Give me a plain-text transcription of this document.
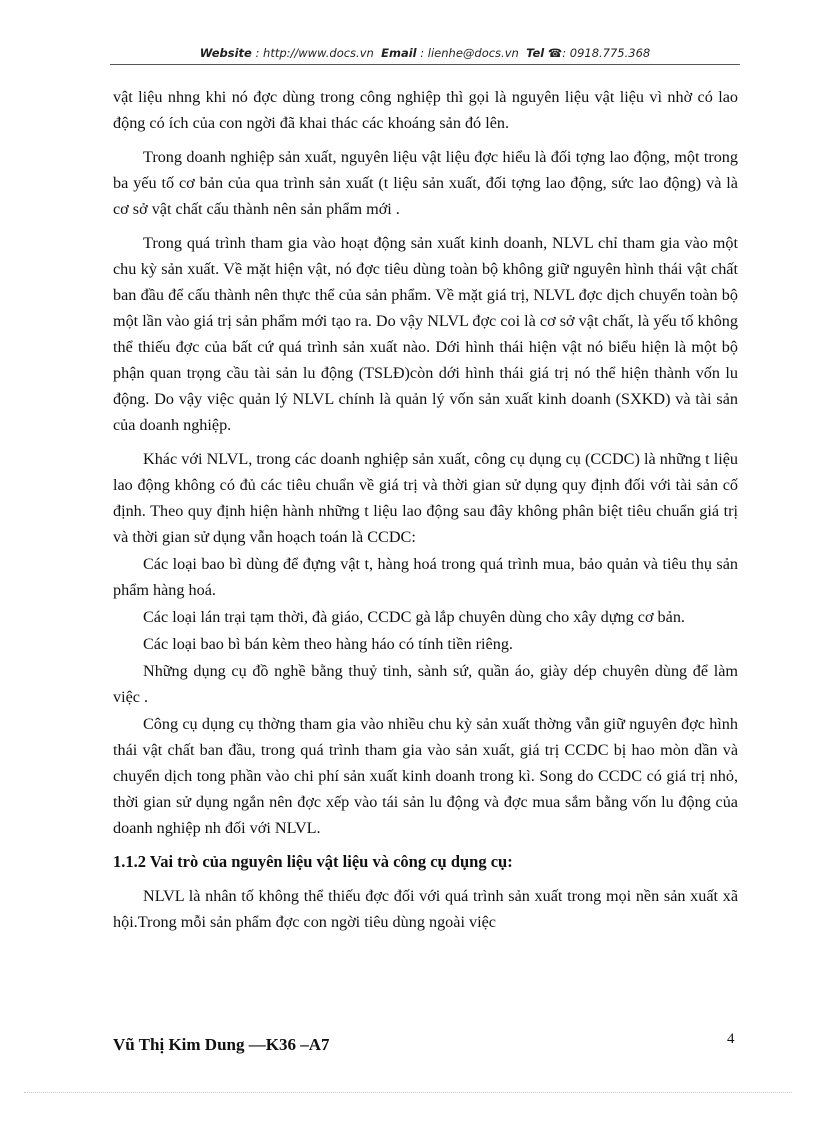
Website : http://www.docs.vn Email : lienhe@docs.vn Tel ☎: 0918.775.368

vật liệu nhng khi nó đợc dùng trong công nghiệp thì gọi là nguyên liệu vật liệu vì nhờ có lao động có ích của con ngời đã khai thác các khoáng sản đó lên.

Trong doanh nghiệp sản xuất, nguyên liệu vật liệu đợc hiểu là đối tợng lao động, một trong ba yếu tố cơ bản của qua trình sản xuất (t liệu sản xuất, đối tợng lao động, sức lao động) và là cơ sở vật chất cấu thành nên sản phẩm mới .

Trong quá trình tham gia vào hoạt động sản xuất kinh doanh, NLVL chỉ tham gia vào một chu kỳ sản xuất. Về mặt hiện vật, nó đợc tiêu dùng toàn bộ không giữ nguyên hình thái vật chất ban đầu để cấu thành nên thực thể của sản phẩm. Về mặt giá trị, NLVL đợc dịch chuyển toàn bộ một lần vào giá trị sản phẩm mới tạo ra. Do vậy NLVL đợc coi là cơ sở vật chất, là yếu tố không thể thiếu đợc của bất cứ quá trình sản xuất nào. Dới hình thái hiện vật nó biểu hiện là một bộ phận quan trọng cầu tài sản lu động (TSLĐ)còn dới hình thái giá trị nó thể hiện thành vốn lu động. Do vậy việc quản lý NLVL chính là quản lý vốn sản xuất kinh doanh (SXKD) và tài sản của doanh nghiệp.

Khác với NLVL, trong các doanh nghiệp sản xuất, công cụ dụng cụ (CCDC) là những t liệu lao động không có đủ các tiêu chuẩn về giá trị và thời gian sử dụng quy định đối với tài sản cố định. Theo quy định hiện hành những t liệu lao động sau đây không phân biệt tiêu chuẩn giá trị và thời gian sử dụng vẫn hoạch toán là CCDC:

Các loại bao bì dùng để đựng vật t, hàng hoá trong quá trình mua, bảo quản và tiêu thụ sản phẩm hàng hoá.

Các loại lán trại tạm thời, đà giáo, CCDC gà lắp chuyên dùng cho xây dựng cơ bản.

Các loại bao bì bán kèm theo hàng háo có tính tiền riêng.

Những dụng cụ đồ nghề bằng thuỷ tinh, sành sứ, quần áo, giày dép chuyên dùng để làm việc .

Công cụ dụng cụ thờng tham gia vào nhiều chu kỳ sản xuất thờng vẫn giữ nguyên đợc hình thái vật chất ban đầu, trong quá trình tham gia vào sản xuất, giá trị CCDC bị hao mòn dần và chuyển dịch tong phần vào chi phí sản xuất kinh doanh trong kì. Song do CCDC có giá trị nhỏ, thời gian sử dụng ngắn nên đợc xếp vào tái sản lu động và đợc mua sắm bằng vốn lu động của doanh nghiệp nh đối với NLVL.

1.1.2 Vai trò của nguyên liệu vật liệu và công cụ dụng cụ:

NLVL là nhân tố không thể thiếu đợc đối với quá trình sản xuất trong mọi nền sản xuất xã hội.Trong mỗi sản phẩm đợc con ngời tiêu dùng ngoài việc

Vũ Thị Kim Dung —K36 –A7	4
